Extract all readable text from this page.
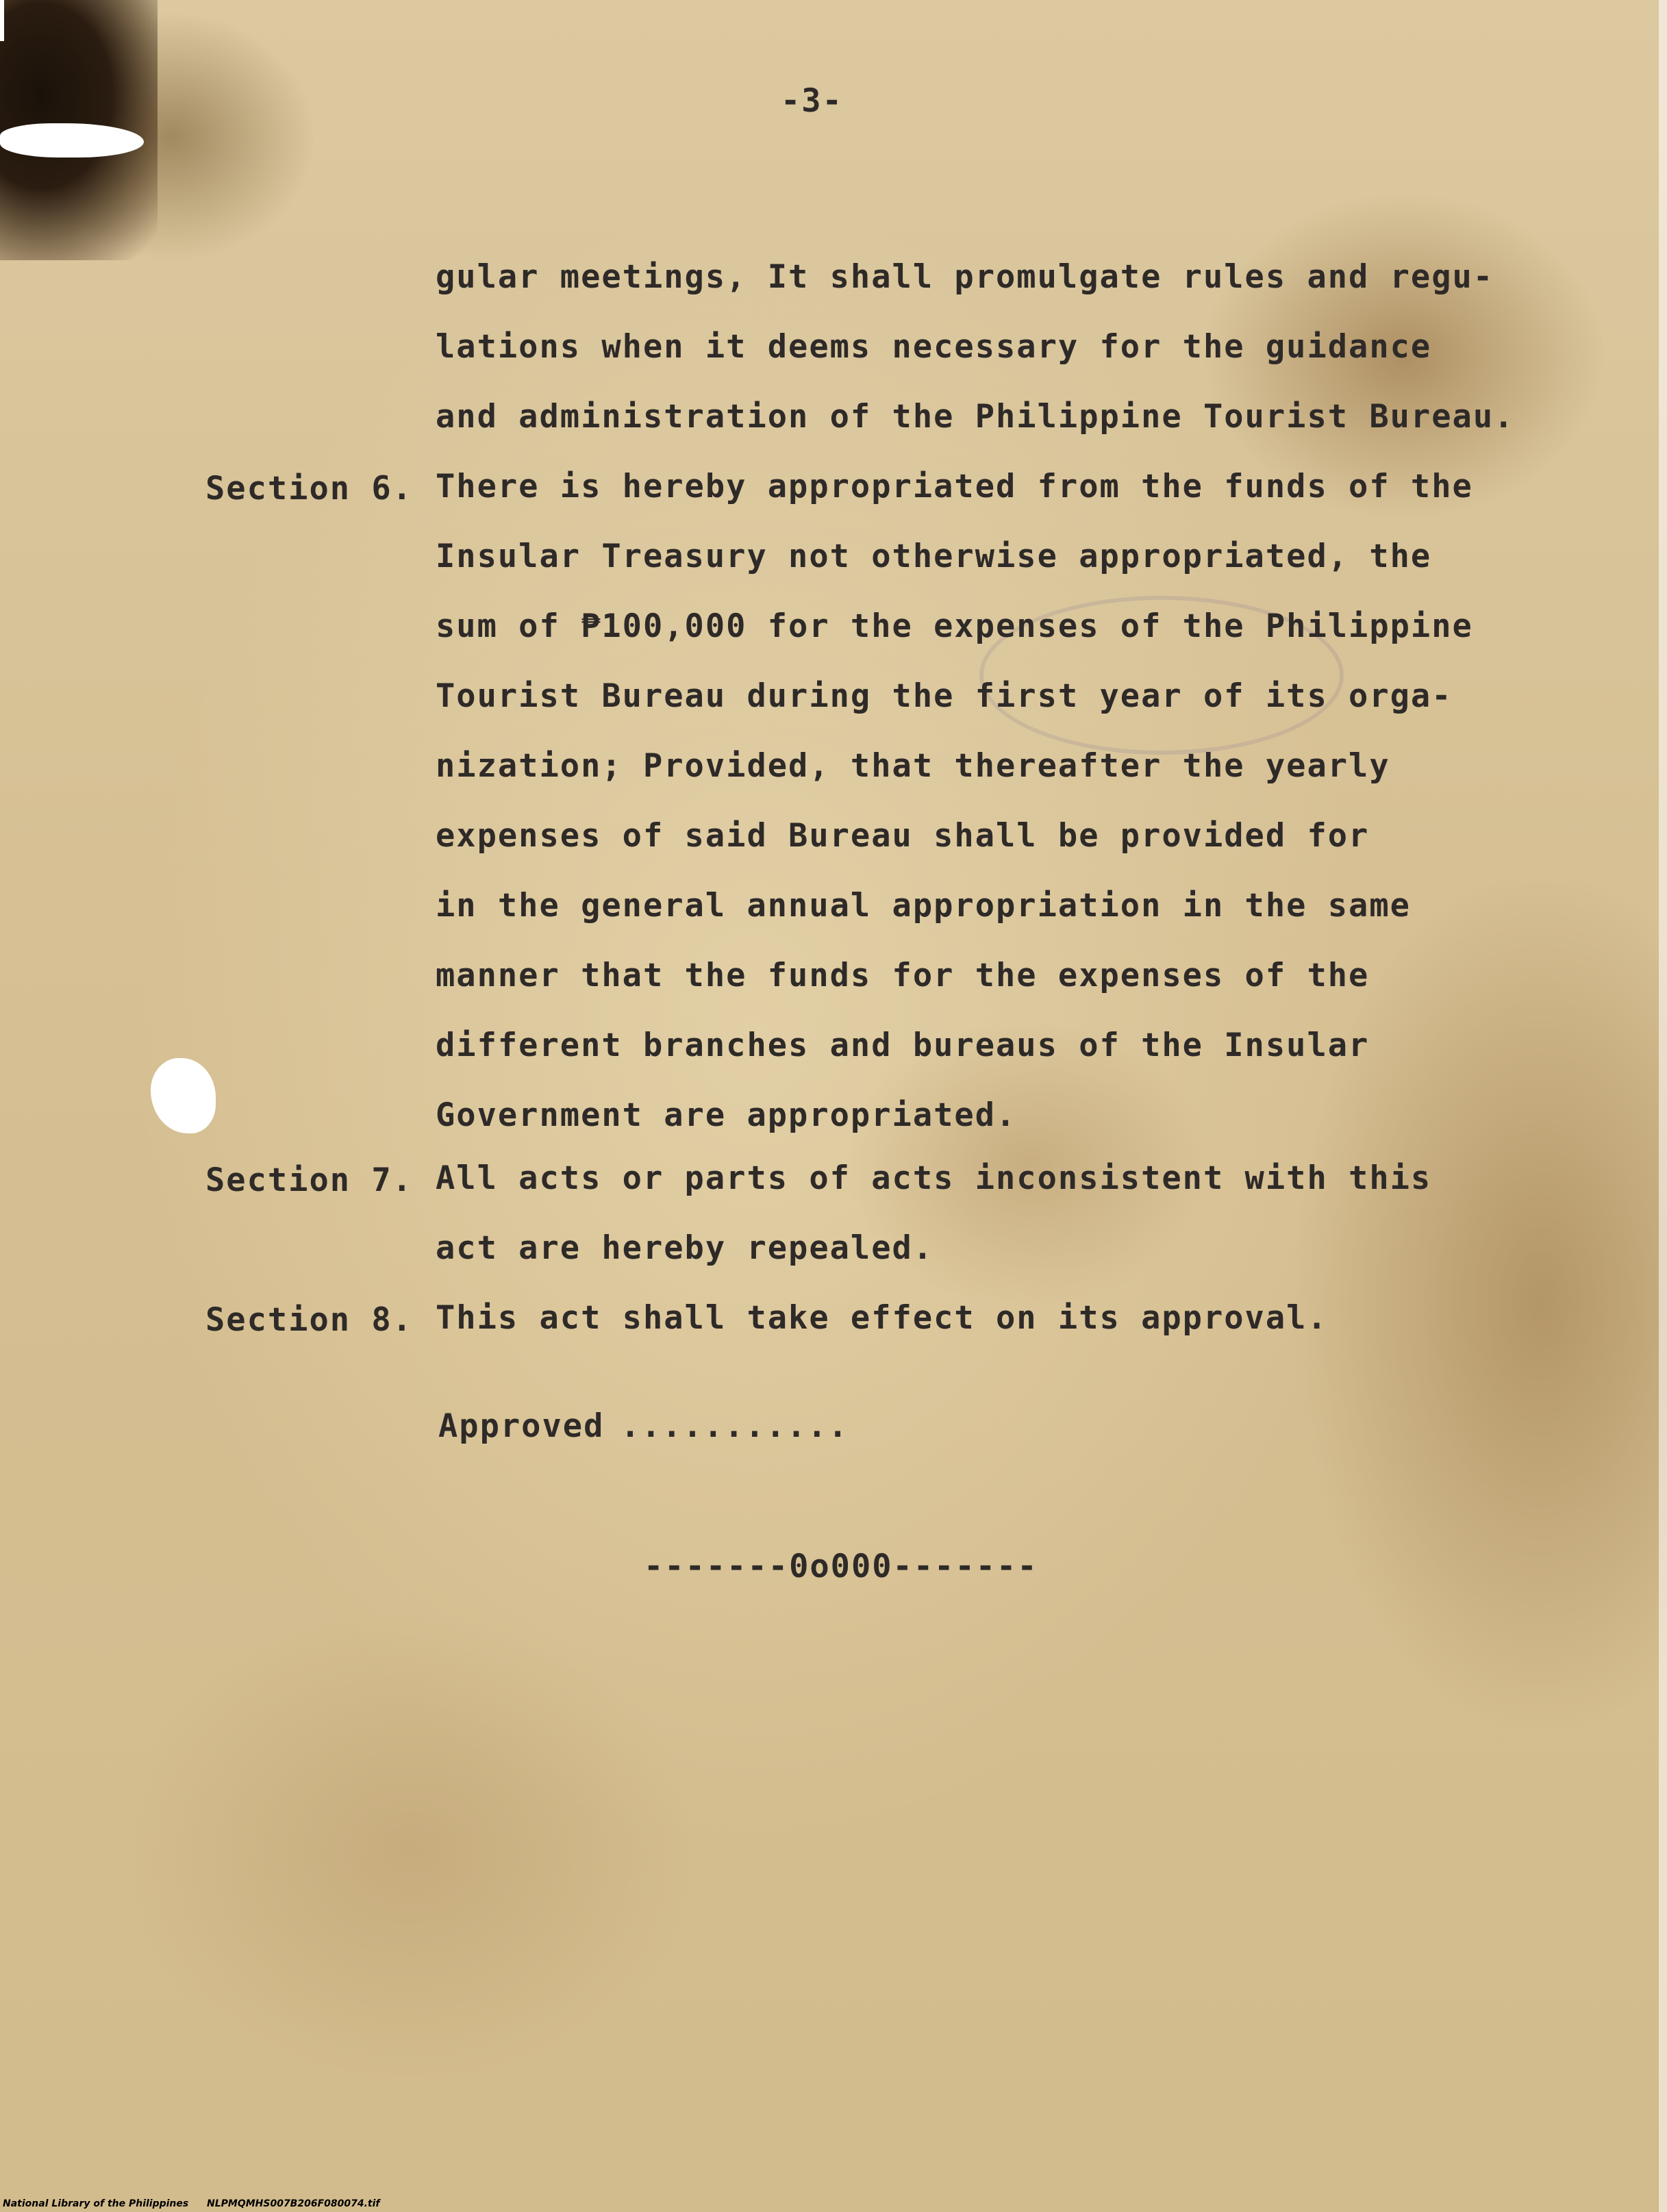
-3-
gular meetings, It shall promulgate rules and regu-
lations when it deems necessary for the guidance
and administration of the Philippine Tourist Bureau.
Section 6. There is hereby appropriated from the funds of the
Insular Treasury not otherwise appropriated, the
sum of ₱100,000 for the expenses of the Philippine
Tourist Bureau during the first year of its orga-
nization; Provided, that thereafter the yearly
expenses of said Bureau shall be provided for
in the general annual appropriation in the same
manner that the funds for the expenses of the
different branches and bureaus of the Insular
Government are appropriated.
Section 7. All acts or parts of acts inconsistent with this
act are hereby repealed.
Section 8. This act shall take effect on its approval.
Approved ...........
-------0o000-------
National Library of the Philippines NLPMQMHS007B206F080074.tif
